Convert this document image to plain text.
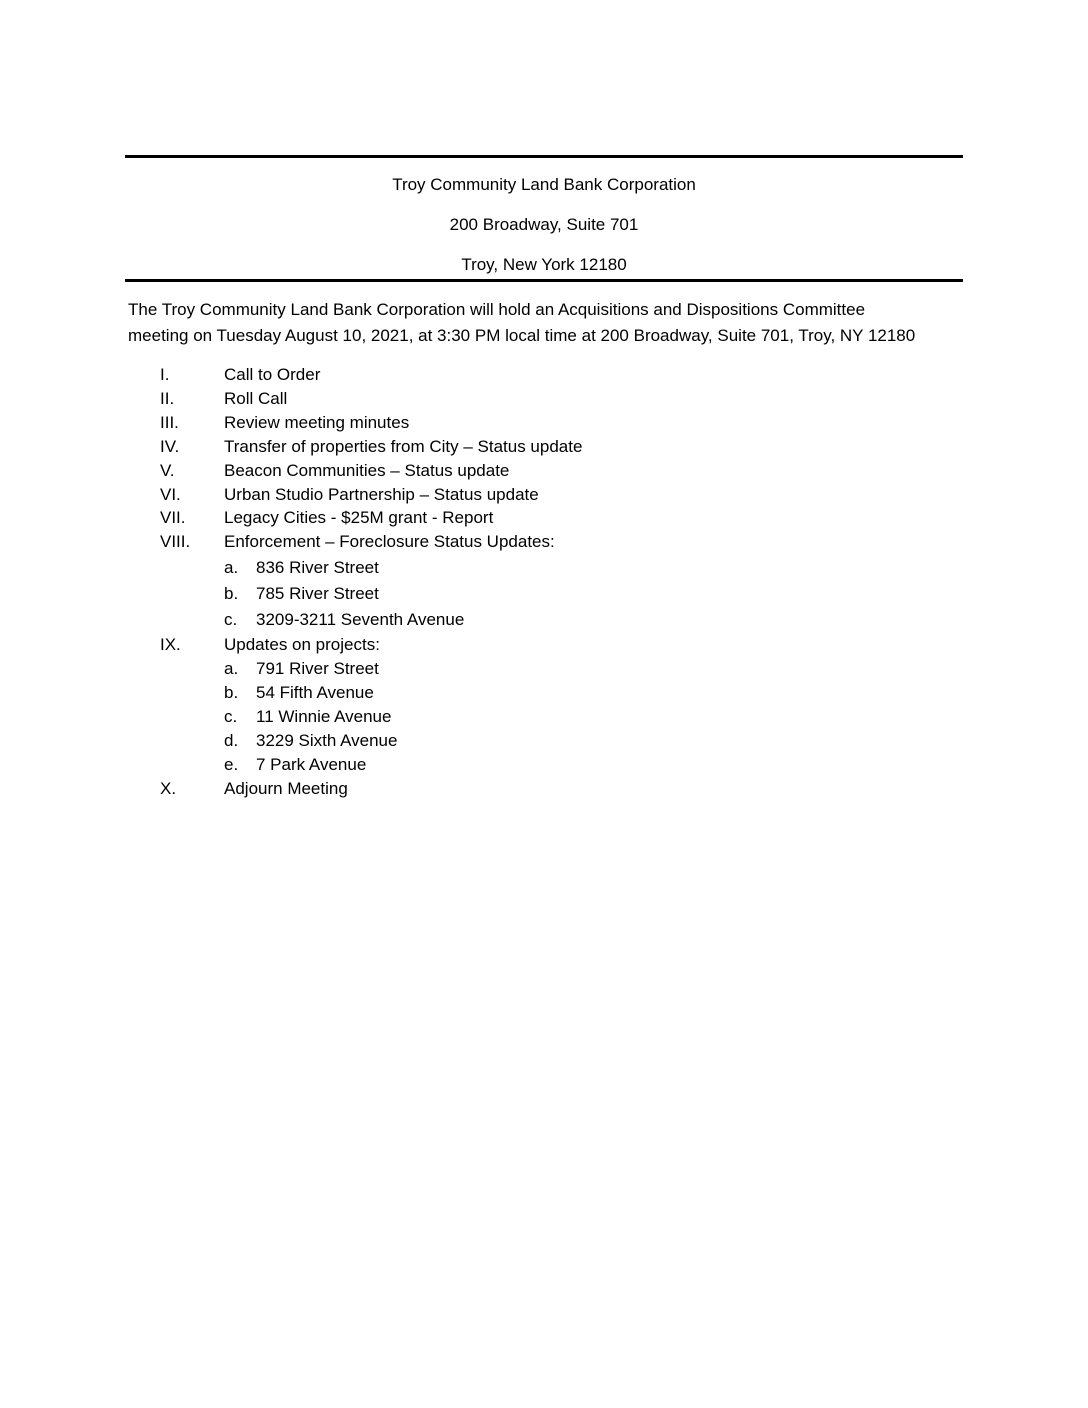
Troy Community Land Bank Corporation
200 Broadway, Suite 701
Troy, New York 12180
The Troy Community Land Bank Corporation will hold an Acquisitions and Dispositions Committee
meeting on Tuesday August 10, 2021, at 3:30 PM local time at 200 Broadway, Suite 701, Troy, NY 12180
I.	Call to Order
II.	Roll Call
III.	Review meeting minutes
IV.	Transfer of properties from City – Status update
V.	Beacon Communities – Status update
VI.	Urban Studio Partnership – Status update
VII. Legacy Cities - $25M grant - Report
VIII. Enforcement – Foreclosure Status Updates:
a. 836 River Street
b. 785 River Street
c. 3209-3211 Seventh Avenue
IX.	Updates on projects:
a. 791 River Street
b. 54 Fifth Avenue
c. 11 Winnie Avenue
d. 3229 Sixth Avenue
e. 7 Park Avenue
X.	Adjourn Meeting
